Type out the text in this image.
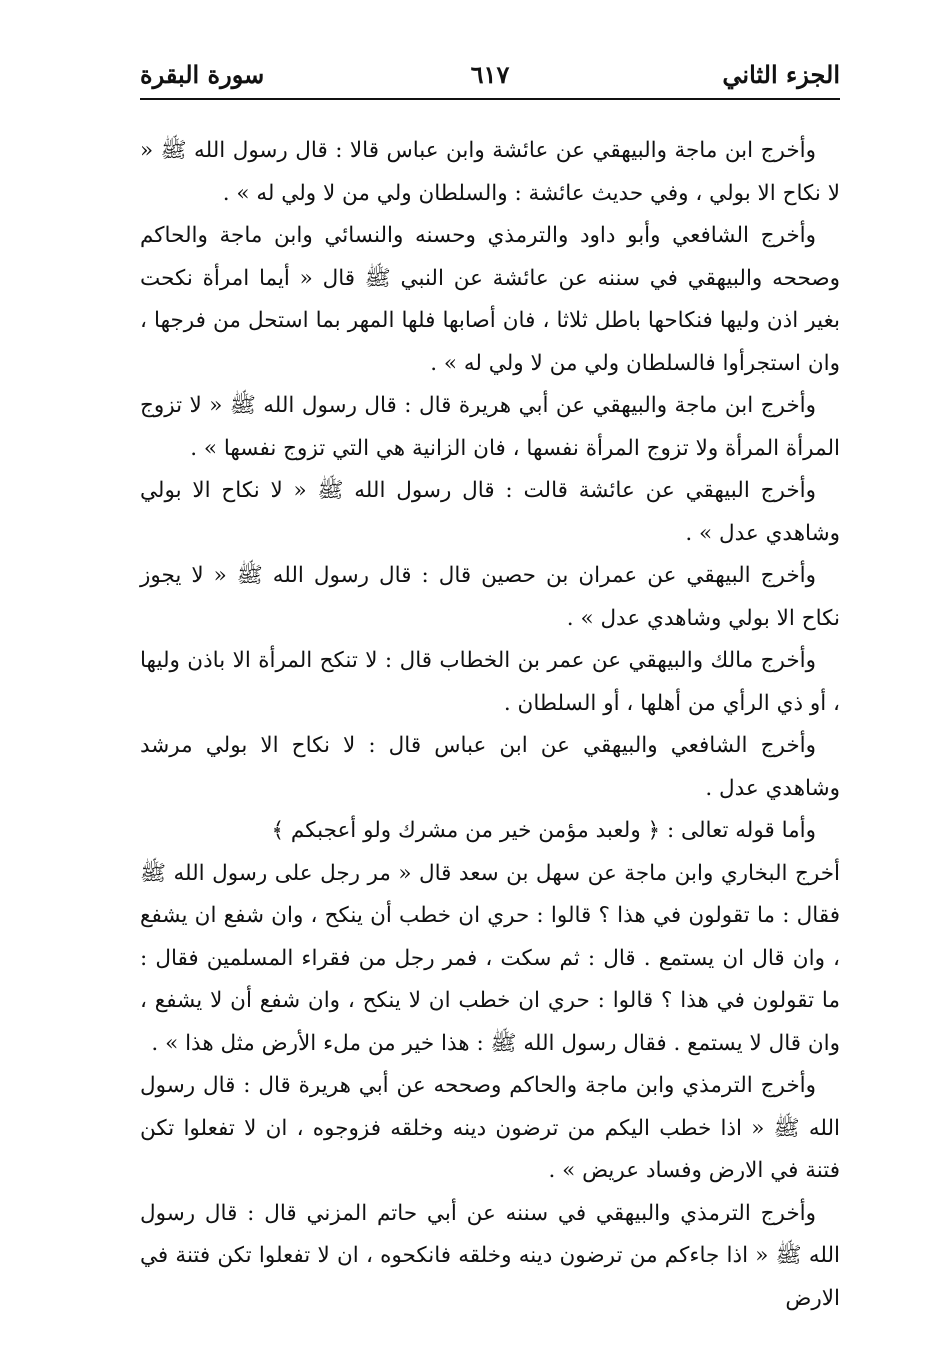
الجزء الثاني
٦١٧
سورة البقرة

وأخرج ابن ماجة والبيهقي عن عائشة وابن عباس قالا : قال رسول الله ﷺ « لا نكاح الا بولي ، وفي حديث عائشة : والسلطان ولي من لا ولي له » .

وأخرج الشافعي وأبو داود والترمذي وحسنه والنسائي وابن ماجة والحاكم وصححه والبيهقي في سننه عن عائشة عن النبي ﷺ قال « أيما امرأة نكحت بغير اذن وليها فنكاحها باطل ثلاثا ، فان أصابها فلها المهر بما استحل من فرجها ، وان استجرأوا فالسلطان ولي من لا ولي له » .

وأخرج ابن ماجة والبيهقي عن أبي هريرة قال : قال رسول الله ﷺ « لا تزوج المرأة المرأة ولا تزوج المرأة نفسها ، فان الزانية هي التي تزوج نفسها » .

وأخرج البيهقي عن عائشة قالت : قال رسول الله ﷺ « لا نكاح الا بولي وشاهدي عدل » .

وأخرج البيهقي عن عمران بن حصين قال : قال رسول الله ﷺ « لا يجوز نكاح الا بولي وشاهدي عدل » .

وأخرج مالك والبيهقي عن عمر بن الخطاب قال : لا تنكح المرأة الا باذن وليها ، أو ذي الرأي من أهلها ، أو السلطان .

وأخرج الشافعي والبيهقي عن ابن عباس قال : لا نكاح الا بولي مرشد وشاهدي عدل .

وأما قوله تعالى : ﴿ ولعبد مؤمن خير من مشرك ولو أعجبكم ﴾

أخرج البخاري وابن ماجة عن سهل بن سعد قال « مر رجل على رسول الله ﷺ فقال : ما تقولون في هذا ؟ قالوا : حري ان خطب أن ينكح ، وان شفع ان يشفع ، وان قال ان يستمع . قال : ثم سكت ، فمر رجل من فقراء المسلمين فقال : ما تقولون في هذا ؟ قالوا : حري ان خطب ان لا ينكح ، وان شفع أن لا يشفع ، وان قال لا يستمع . فقال رسول الله ﷺ : هذا خير من ملء الأرض مثل هذا » .

وأخرج الترمذي وابن ماجة والحاكم وصححه عن أبي هريرة قال : قال رسول الله ﷺ « اذا خطب اليكم من ترضون دينه وخلقه فزوجوه ، ان لا تفعلوا تكن فتنة في الارض وفساد عريض » .

وأخرج الترمذي والبيهقي في سننه عن أبي حاتم المزني قال : قال رسول الله ﷺ « اذا جاءكم من ترضون دينه وخلقه فانكحوه ، ان لا تفعلوا تكن فتنة في الارض
